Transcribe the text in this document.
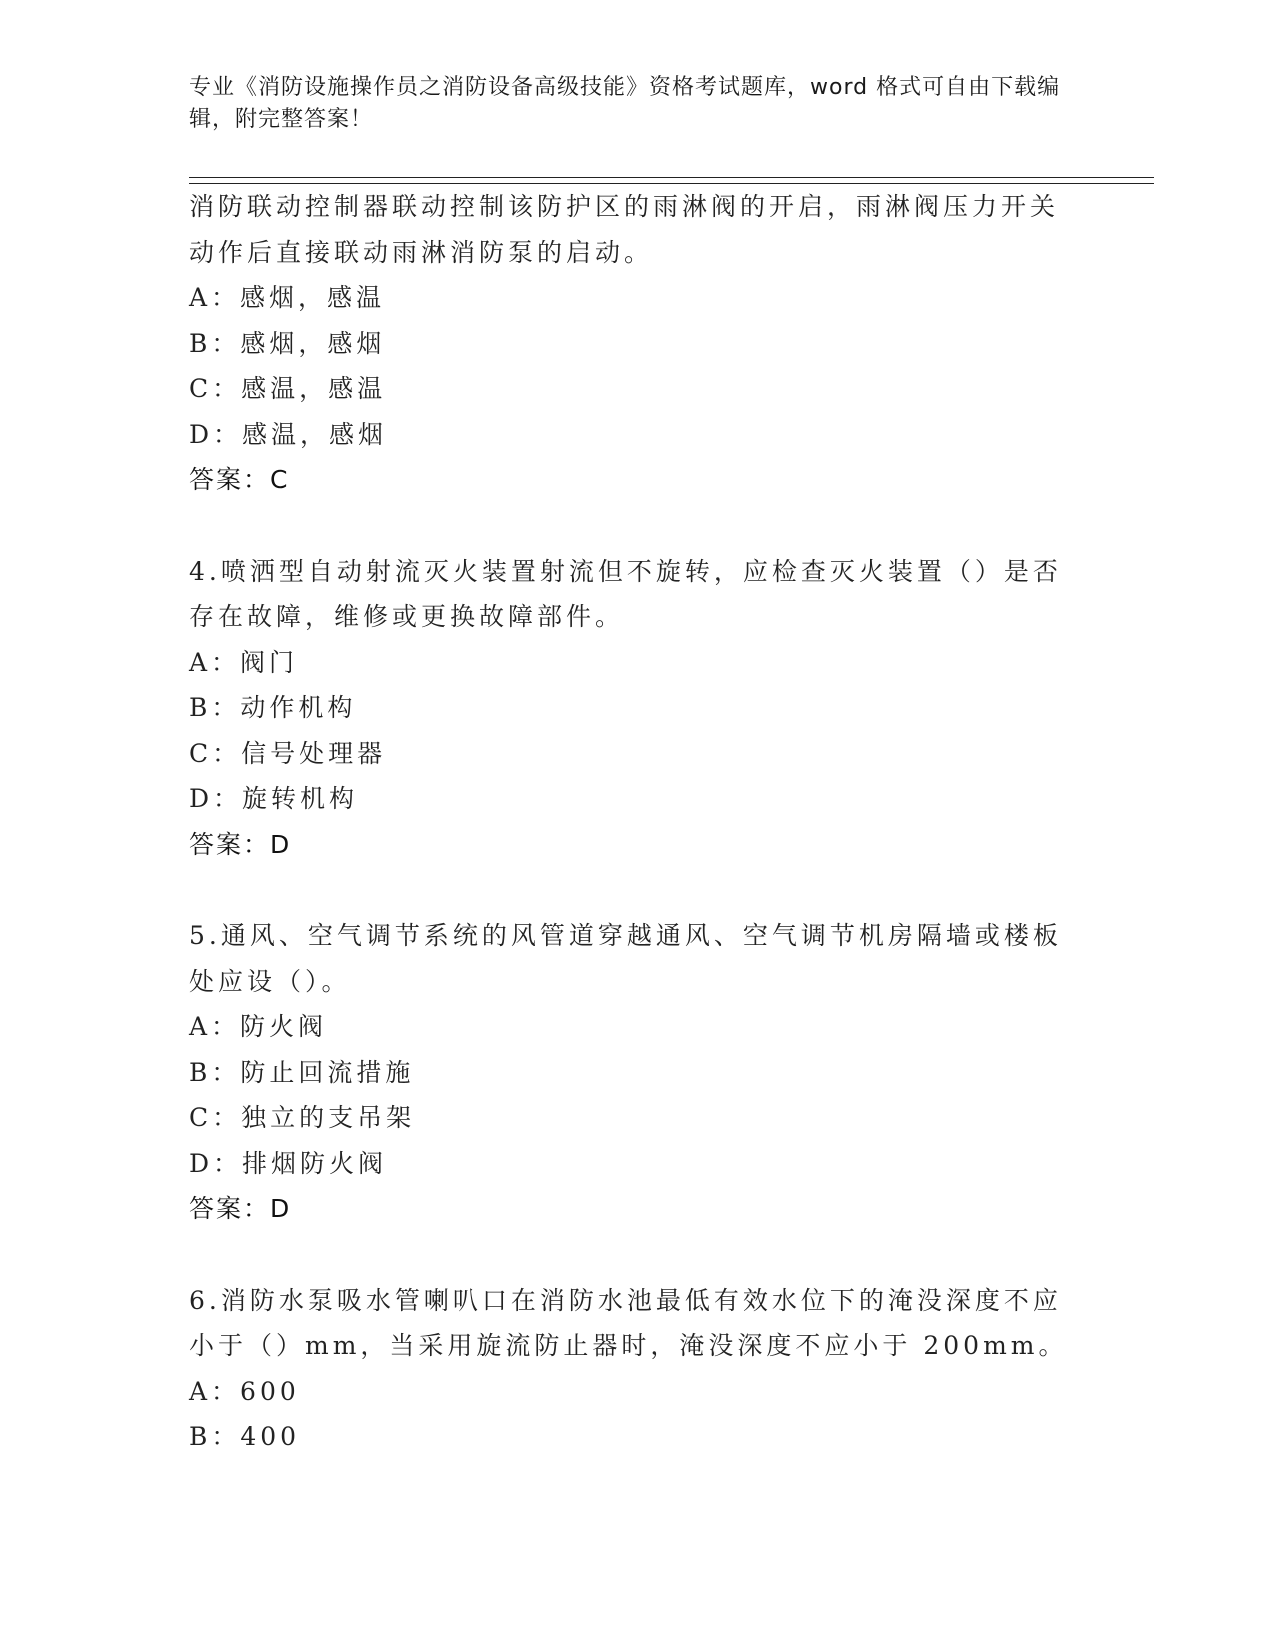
专业《消防设施操作员之消防设备高级技能》资格考试题库，word 格式可自由下载编辑，附完整答案！

消防联动控制器联动控制该防护区的雨淋阀的开启，雨淋阀压力开关动作后直接联动雨淋消防泵的启动。

A：感烟，感温

B：感烟，感烟

C：感温，感温

D：感温，感烟

答案：C

4.喷洒型自动射流灭火装置射流但不旋转，应检查灭火装置（）是否存在故障，维修或更换故障部件。

A：阀门

B：动作机构

C：信号处理器

D：旋转机构

答案：D

5.通风、空气调节系统的风管道穿越通风、空气调节机房隔墙或楼板处应设（）。

A：防火阀

B：防止回流措施

C：独立的支吊架

D：排烟防火阀

答案：D

6.消防水泵吸水管喇叭口在消防水池最低有效水位下的淹没深度不应小于（）mm，当采用旋流防止器时，淹没深度不应小于 200mm。

A：600

B：400
